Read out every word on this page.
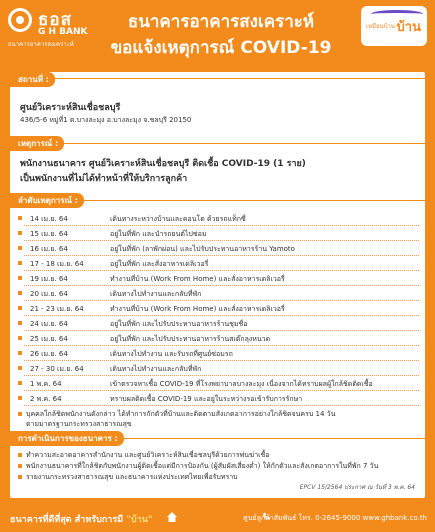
ธอส
G H BANK
ธนาคารอาคารสงเคราะห์
ธนาคารอาคารสงเคราะห์
ขอแจ้งเหตุการณ์ COVID-19
เหมือนบ้าน บ้าน
สถานที่ :
ศูนย์วิเคราะห์สินเชื่อชลบุรี
436/5-6 หมู่ที่1 ต.บางละมุง อ.บางละมุง จ.ชลบุรี 20150
เหตุการณ์ :
พนักงานธนาคาร ศูนย์วิเคราะห์สินเชื่อชลบุรี ติดเชื้อ COVID-19 (1 ราย)
เป็นพนักงานที่ไม่ได้ทำหน้าที่ให้บริการลูกค้า
ลำดับเหตุการณ์ :
14 เม.ย. 64	เดินทางระหว่างบ้านและคอนโด ด้วยรถแท็กซี่
15 เม.ย. 64	อยู่ในที่พัก และนำรถยนต์ไปซ่อม
16 เม.ย. 64	อยู่ในที่พัก (ลาพักผ่อน) และไปรับประทานอาหารร้าน Yamoto
17 - 18 เม.ย. 64	อยู่ในที่พัก และสั่งอาหารเดลิเวอรี่
19 เม.ย. 64	ทำงานที่บ้าน (Work From Home) และสั่งอาหารเดลิเวอรี่
20 เม.ย. 64	เดินทางไปทำงานและกลับที่พัก
21 - 23 เม.ย. 64	ทำงานที่บ้าน (Work From Home) และสั่งอาหารเดลิเวอรี่
24 เม.ย. 64	อยู่ในที่พัก และไปรับประทานอาหารร้านชุมชื่อ
25 เม.ย. 64	อยู่ในที่พัก และไปรับประทานอาหารร้านสเต๊กลุงหนวด
26 เม.ย. 64	เดินทางไปทำงาน และรับรถที่ศูนย์ซ่อมรถ
27 - 30 เม.ย. 64	เดินทางไปทำงานและกลับที่พัก
1 พ.ค. 64	เข้าตรวจหาเชื้อ COVID-19 ที่โรงพยาบาลบางละมุง เนื่องจากได้ทราบผลผู้ใกล้ชิดติดเชื้อ
2 พ.ค. 64	ทราบผลติดเชื้อ COVID-19 และอยู่ในระหว่างรอเข้ารับการรักษา
บุคคลใกล้ชิดพนักงานดังกล่าว ได้ทำการกักตัวที่บ้านและติดตามสังเกตอาการอย่างใกล้ชิดจนครบ 14 วัน
ตามมาตรฐานกระทรวงสาธารณสุข
การดำเนินการของธนาคาร :
ทำความสะอาดอาคารสำนักงาน และศูนย์วิเคราะห์สินเชื่อชลบุรีด้วยการพ่นฆ่าเชื้อ
พนักงานธนาคารที่ใกล้ชิดกับพนักงานผู้ติดเชื้อแต่มีการป้องกัน (ผู้สัมผัสเสี่ยงต่ำ) ให้กักตัวและสังเกตอาการในที่พัก 7 วัน
รายงานกระทรวงสาธารณสุข และธนาคารแห่งประเทศไทยเพื่อรับทราบ
EPCV 15/2564 ประกาศ ณ วันที่ 3 พ.ค. 64
ธนาคารที่ดีที่สุด สำหรับการมี "บ้าน"	ศูนย์ลูกค้าสัมพันธ์ โทร. 0-2645-9000 www.ghbank.co.th
